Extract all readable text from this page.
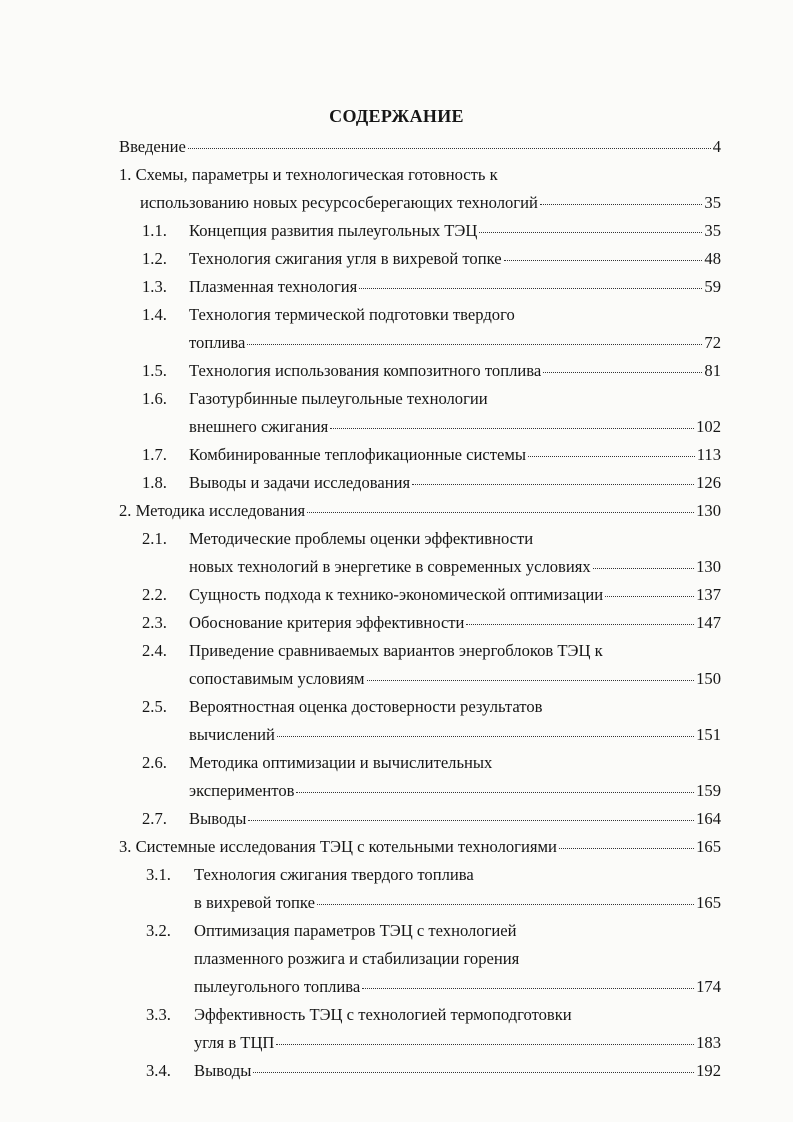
СОДЕРЖАНИЕ
Введение	4
1. Схемы, параметры и технологическая готовность к
использованию новых ресурсосберегающих технологий	35
1.1.	Концепция развития пылеугольных ТЭЦ	35
1.2.	Технология сжигания угля в вихревой топке	48
1.3.	Плазменная технология	59
1.4.	Технология термической подготовки твердого
топлива	72
1.5.	Технология использования композитного топлива	81
1.6.	Газотурбинные пылеугольные технологии
внешнего сжигания	102
1.7.	Комбинированные теплофикационные системы	113
1.8.	Выводы и задачи исследования	126
2. Методика исследования	130
2.1.	Методические проблемы оценки эффективности
новых технологий в энергетике в современных условиях	130
2.2.	Сущность подхода к технико-экономической оптимизации	137
2.3.	Обоснование критерия эффективности	147
2.4.	Приведение сравниваемых вариантов энергоблоков ТЭЦ к
сопоставимым условиям	150
2.5.	Вероятностная оценка достоверности результатов
вычислений	151
2.6.	Методика оптимизации и вычислительных
экспериментов	159
2.7.	Выводы	164
3. Системные исследования ТЭЦ с котельными технологиями	165
3.1.	Технология сжигания твердого топлива
в вихревой топке	165
3.2.	Оптимизация параметров ТЭЦ с технологией
плазменного розжига и стабилизации горения
пылеугольного топлива	174
3.3.	Эффективность ТЭЦ с технологией термоподготовки
угля в ТЦП	183
3.4.	Выводы	192
